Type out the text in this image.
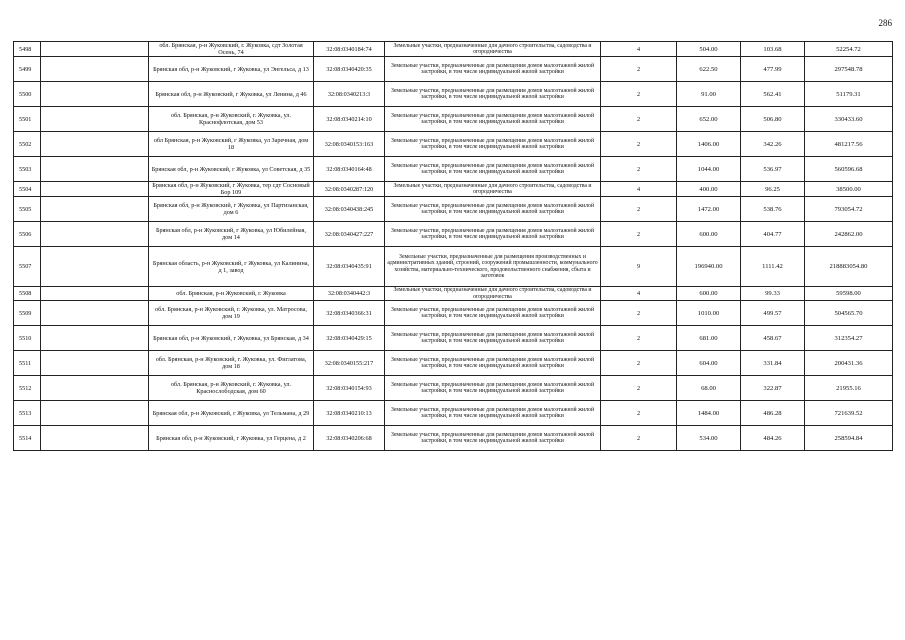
286
5498		обл. Брянская, р-н Жуковский, г. Жуковка, сдт Золотая Осень, 74	32:08:0340184:74	Земельные участки, предназначенные для дачного строительства, садоводства и огородничества	4	504.00	103.68	52254.72
5499		Брянская обл, р-н Жуковский, г Жуковка, ул Энгельса, д 13	32:08:0340420:35	Земельные участки, предназначенные для размещения домов малоэтажной жилой застройки, в том числе индивидуальной жилой застройки	2	622.50	477.99	297548.78
5500		Брянская обл, р-н Жуковский, г Жуковка, ул Ленина, д 46	32:08:0340213:3	Земельные участки, предназначенные для размещения домов малоэтажной жилой застройки, в том числе индивидуальной жилой застройки	2	91.00	562.41	51179.31
5501		обл. Брянская, р-н Жуковский, г. Жуковка, ул. Краснофлотская, дом 53	32:08:0340214:10	Земельные участки, предназначенные для размещения домов малоэтажной жилой застройки, в том числе индивидуальной жилой застройки	2	652.00	506.80	330433.60
5502		обл Брянская, р-н Жуковский, г Жуковка, ул Заречная, дом 18	32:08:0340153:163	Земельные участки, предназначенные для размещения домов малоэтажной жилой застройки, в том числе индивидуальной жилой застройки	2	1406.00	342.26	481217.56
5503		Брянская обл, р-н Жуковский, г Жуковка, ул Советская, д 35	32:08:0340164:48	Земельные участки, предназначенные для размещения домов малоэтажной жилой застройки, в том числе индивидуальной жилой застройки	2	1044.00	536.97	560596.68
5504		Брянская обл, р-н Жуковский, г Жуковка, тер сдт Сосновый Бор 109	32:08:0340287:120	Земельные участки, предназначенные для дачного строительства, садоводства и огородничества	4	400.00	96.25	38500.00
5505		Брянская обл, р-н Жуковский, г Жуковка, ул Партизанская, дом 6	32:08:0340438:245	Земельные участки, предназначенные для размещения домов малоэтажной жилой застройки, в том числе индивидуальной жилой застройки	2	1472.00	538.76	793054.72
5506		Брянская обл, р-н Жуковский, г Жуковка, ул Юбилейная, дом 14	32:08:0340427:227	Земельные участки, предназначенные для размещения домов малоэтажной жилой застройки, в том числе индивидуальной жилой застройки	2	600.00	404.77	242862.00
5507		Брянская область, р-н Жуковский, г Жуковка, ул Калинина, д 1, завод	32:08:0340435:91	Земельные участки, предназначенные для размещения производственных и административных зданий, строений, сооружений промышленности, коммунального хозяйства, материально-технического, продовольственного снабжения, сбыта и заготовок	9	196940.00	1111.42	218883054.80
5508		обл. Брянская, р-н Жуковский, г. Жуковка	32:08:0340442:3	Земельные участки, предназначенные для дачного строительства, садоводства и огородничества	4	600.00	99.33	59598.00
5509		обл. Брянская, р-н Жуковский, г. Жуковка, ул. Матросова, дом 19	32:08:0340366:31	Земельные участки, предназначенные для размещения домов малоэтажной жилой застройки, в том числе индивидуальной жилой застройки	2	1010.00	499.57	504565.70
5510		Брянская обл, р-н Жуковский, г Жуковка, ул Брянская, д 34	32:08:0340429:15	Земельные участки, предназначенные для размещения домов малоэтажной жилой застройки, в том числе индивидуальной жилой застройки	2	681.00	458.67	312354.27
5511		обл. Брянская, р-н Жуковский, г. Жуковка, ул. Фиглатова, дом 18	32:08:0340155:217	Земельные участки, предназначенные для размещения домов малоэтажной жилой застройки, в том числе индивидуальной жилой застройки	2	604.00	331.84	200431.36
5512		обл. Брянская, р-н Жуковский, г. Жуковка, ул. Краснослободская, дом 60	32:08:0340154:93	Земельные участки, предназначенные для размещения домов малоэтажной жилой застройки, в том числе индивидуальной жилой застройки	2	68.00	322.87	21955.16
5513		Брянская обл, р-н Жуковский, г Жуковка, ул Тельмана, д 29	32:08:0340210:13	Земельные участки, предназначенные для размещения домов малоэтажной жилой застройки, в том числе индивидуальной жилой застройки	2	1484.00	486.28	721639.52
5514		Брянская обл, р-н Жуковский, г Жуковка, ул Герцена, д 2	32:08:0340206:68	Земельные участки, предназначенные для размещения домов малоэтажной жилой застройки, в том числе индивидуальной жилой застройки	2	534.00	484.26	258594.84
